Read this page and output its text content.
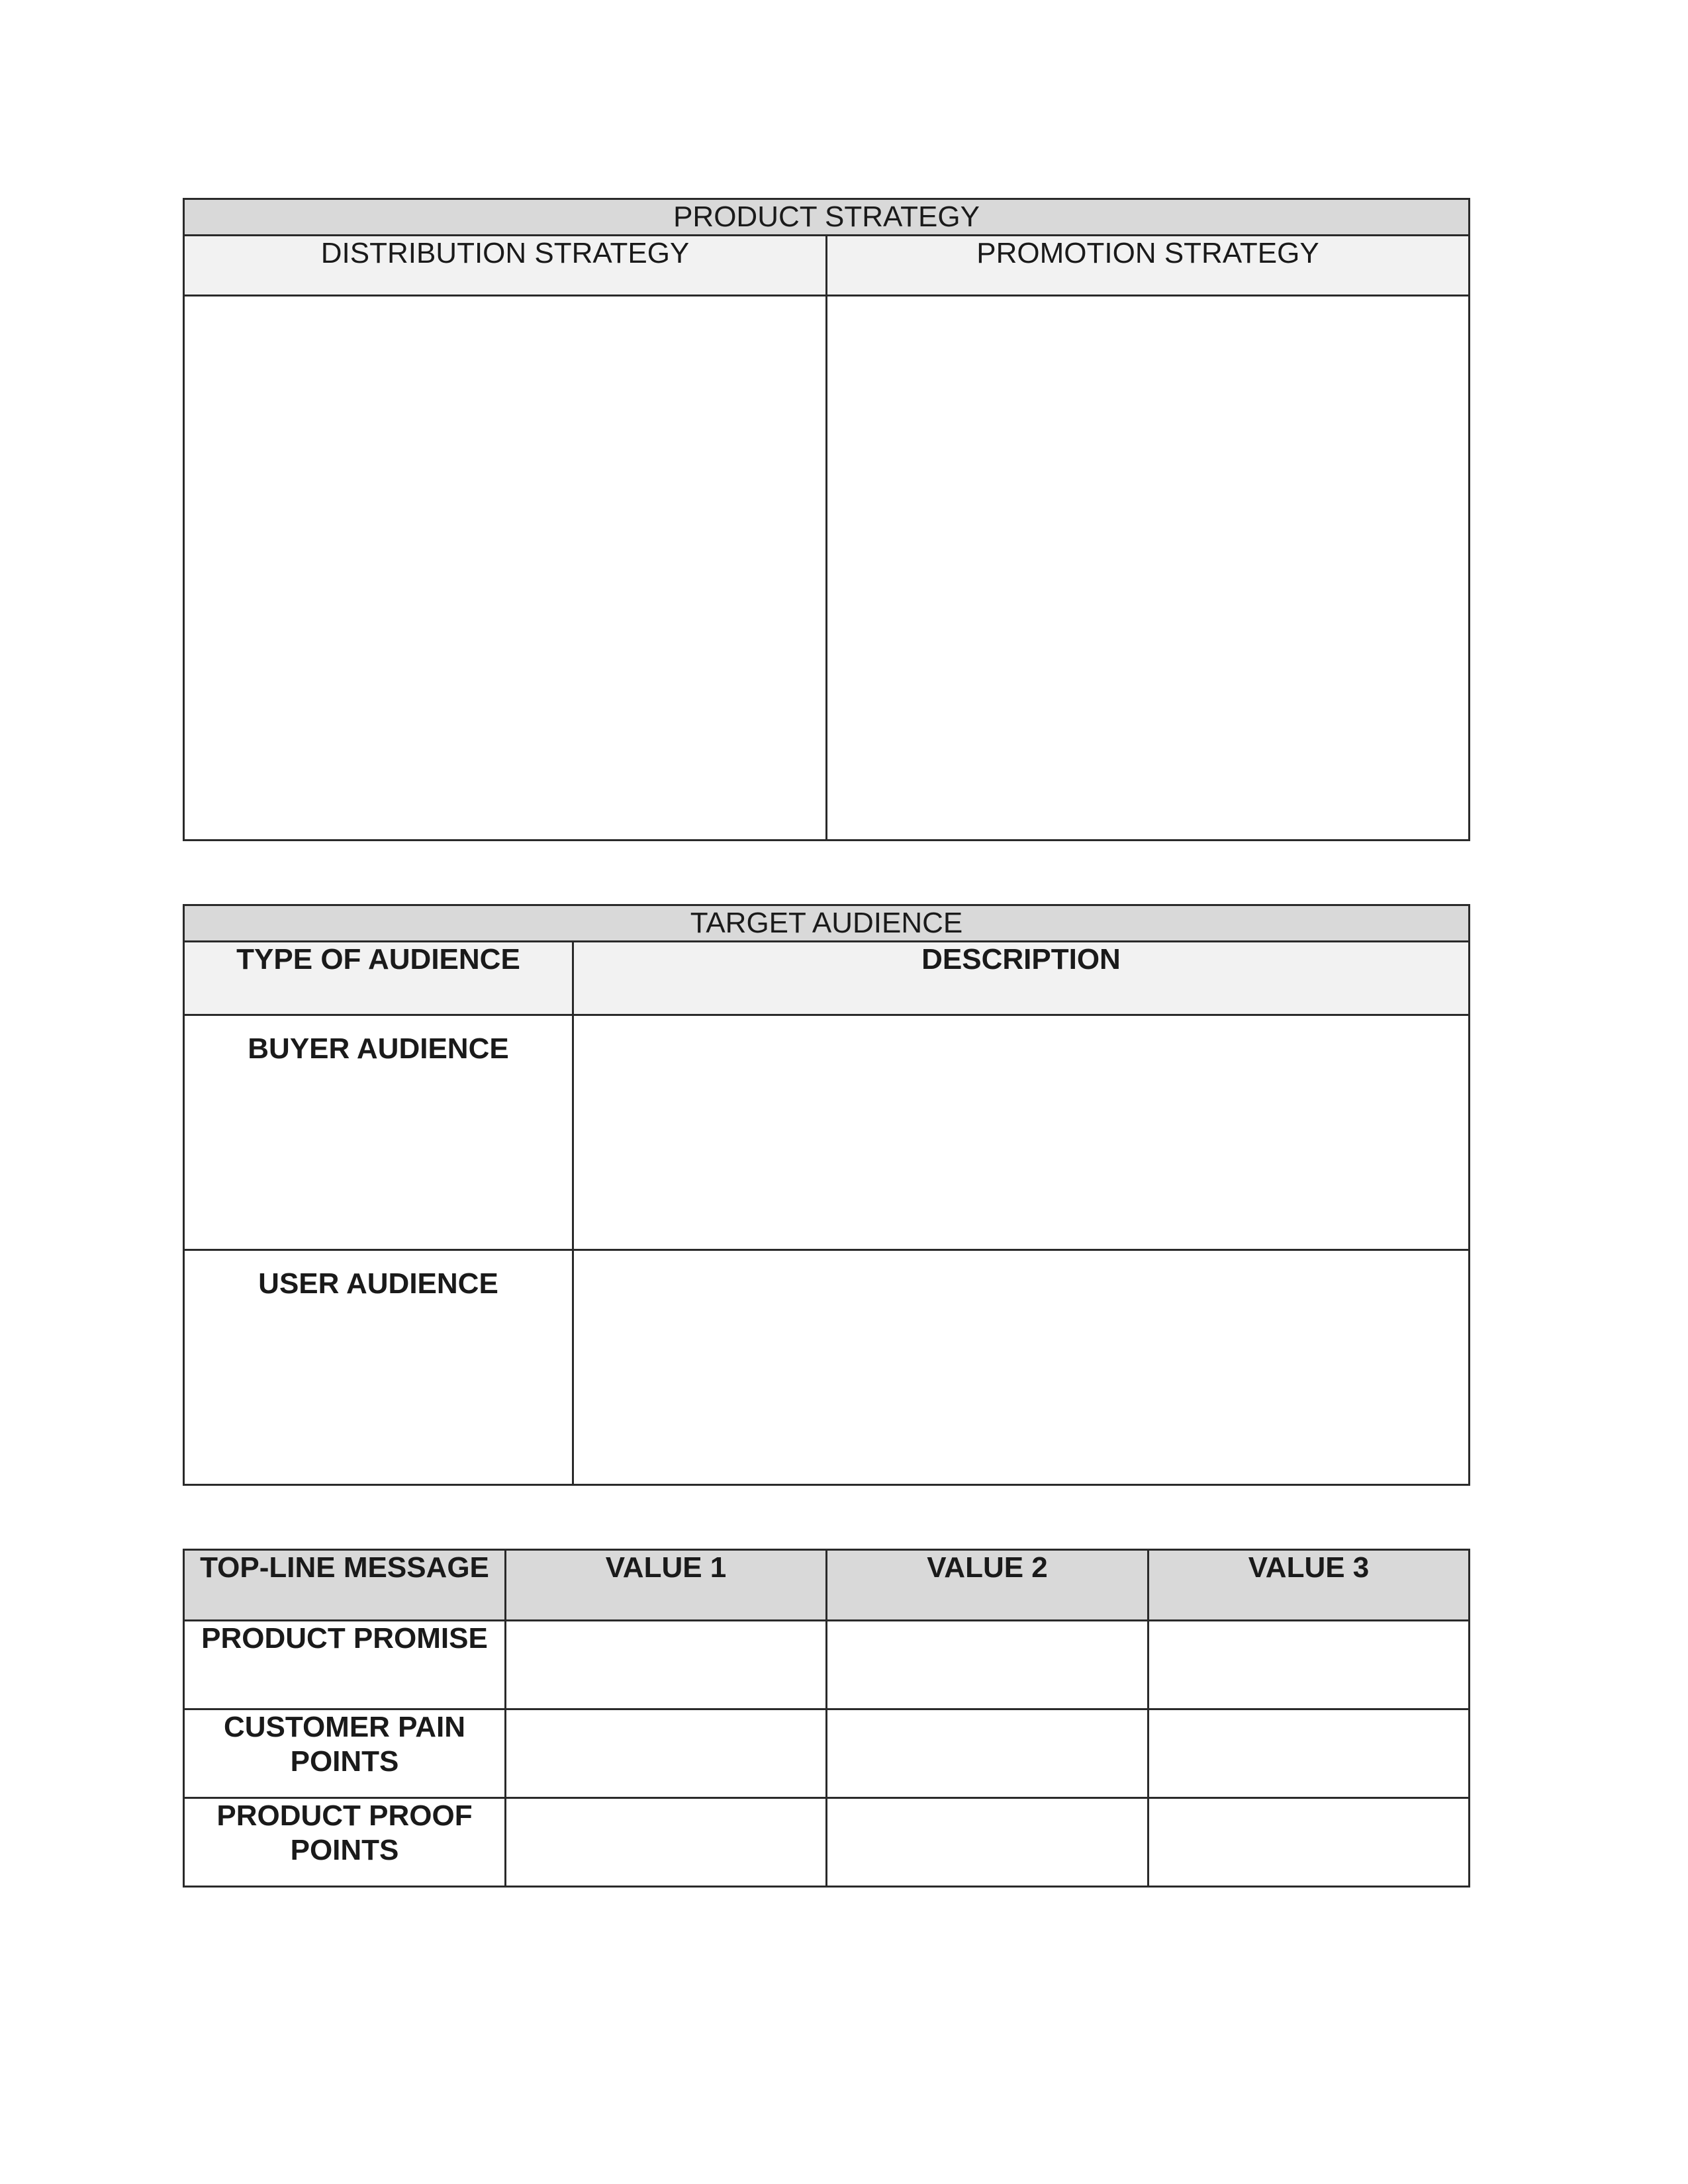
PRODUCT STRATEGY	
DISTRIBUTION STRATEGY	PROMOTION STRATEGY

TARGET AUDIENCE	
TYPE OF AUDIENCE	DESCRIPTION
BUYER AUDIENCE	
USER AUDIENCE	
TOP-LINE MESSAGE	VALUE 1	VALUE 2	VALUE 3
PRODUCT PROMISE			
CUSTOMER PAIN POINTS			
PRODUCT PROOF POINTS			
